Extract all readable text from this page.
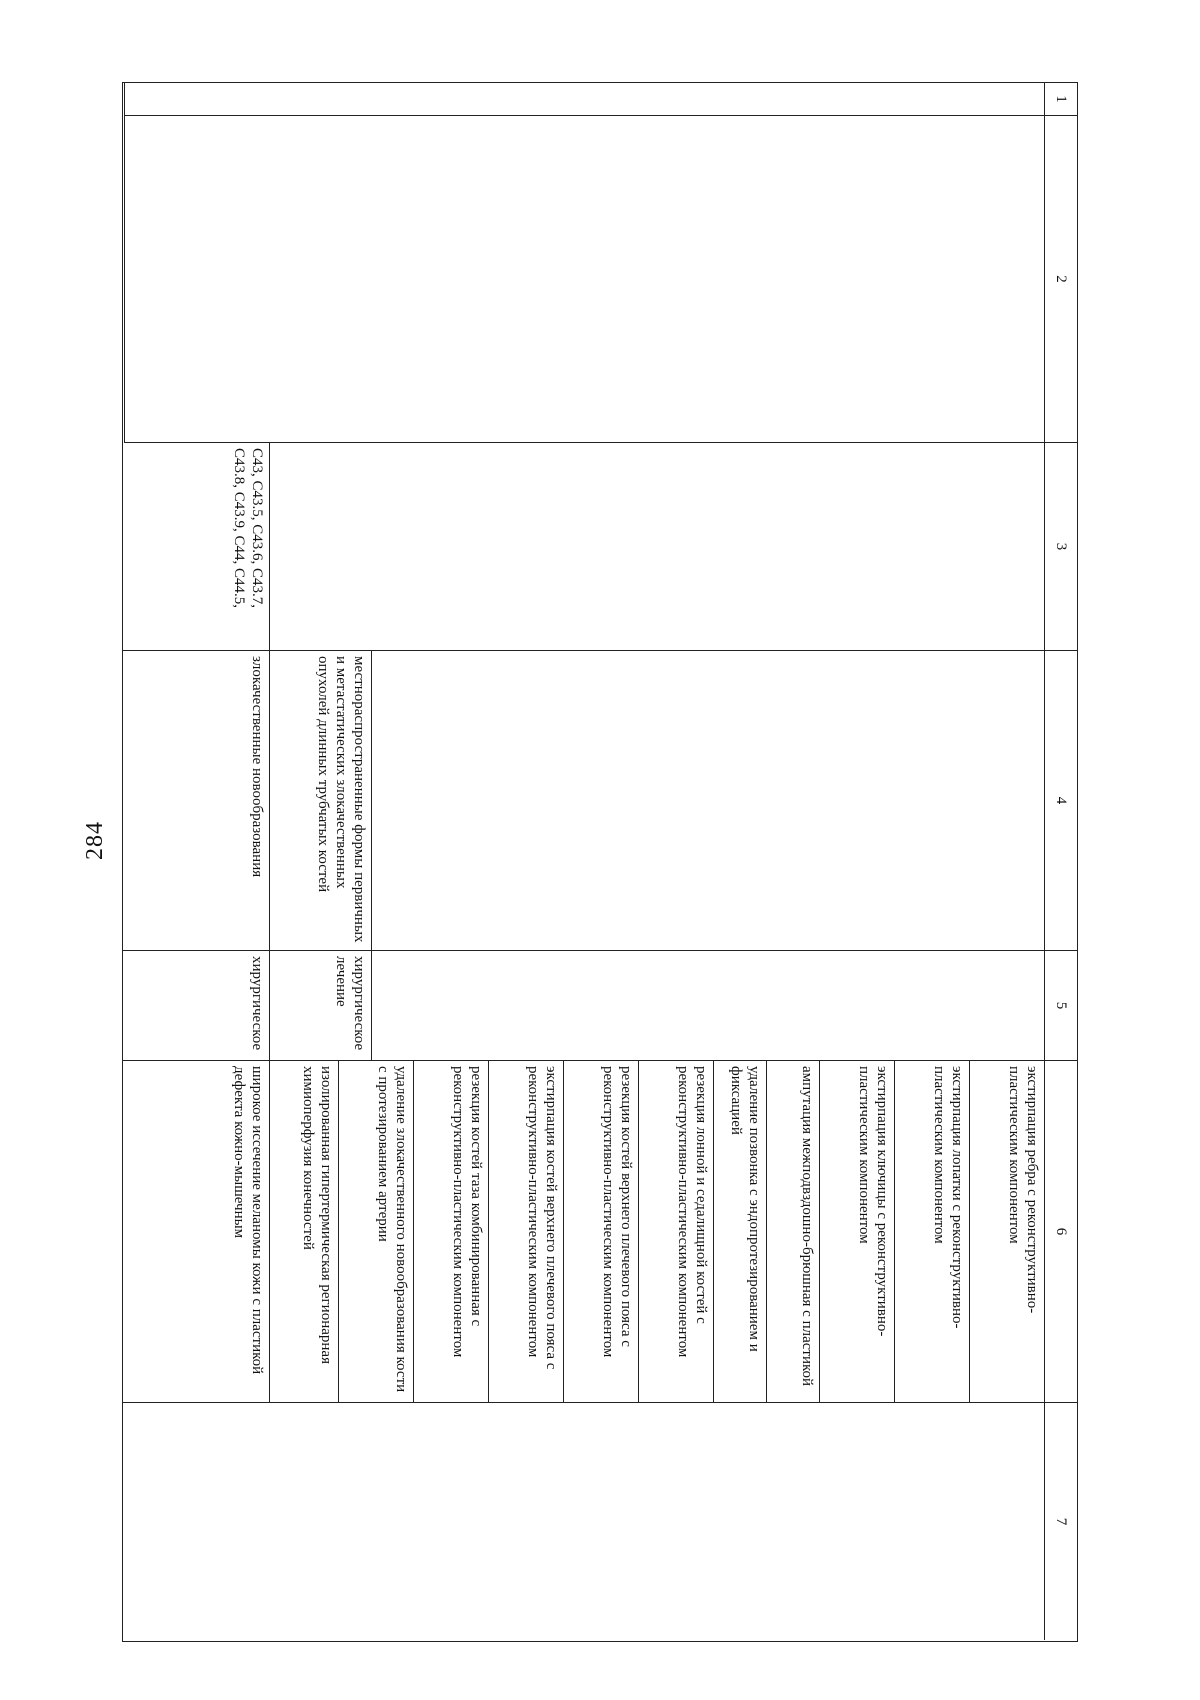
284
1
2
3
4
5
6
7
экстирпация ребра с реконструктивно-пластическим компонентом
экстирпация лопатки с реконструктивно-пластическим компонентом
экстирпация ключицы с реконструктивно-пластическим компонентом
ампутация межподвздошно-брюшная с пластикой
удаление позвонка с эндопротезированием и фиксацией
резекция лонной и седалищной костей с реконструктивно-пластическим компонентом
резекция костей верхнего плечевого пояса с реконструктивно-пластическим компонентом
экстирпация костей верхнего плечевого пояса с реконструктивно-пластическим компонентом
резекция костей таза комбинированная с реконструктивно-пластическим компонентом
удаление злокачественного новообразования кости с протезированием артерии
местнораспространенные формы первичных и метастатических злокачественных опухолей длинных трубчатых костей
хирургическое лечение
изолированная гипертермическая регионарная химиоперфузия конечностей
C43, C43.5, C43.6, C43.7, C43.8, C43.9, C44, C44.5,
злокачественные новообразования
хирургическое
широкое иссечение меланомы кожи с пластикой дефекта кожно-мышечным
